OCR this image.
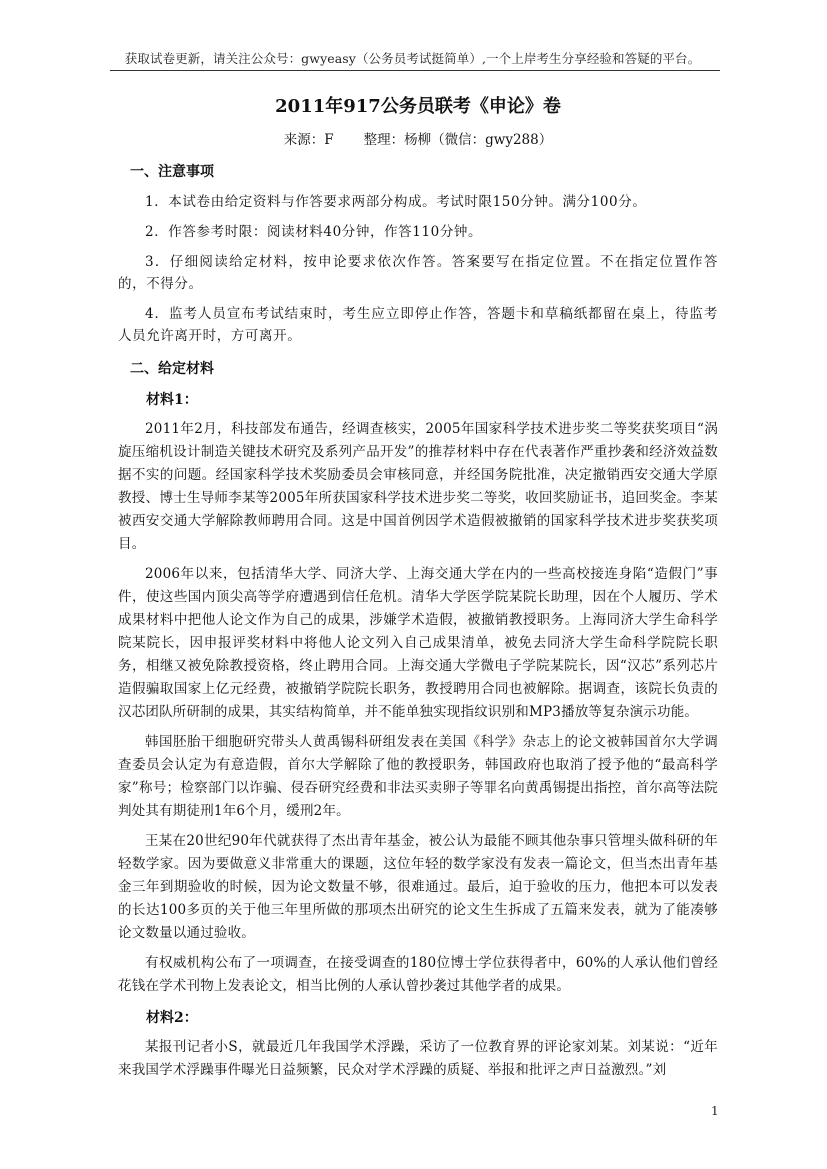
获取试卷更新，请关注公众号：gwyeasy（公务员考试挺简单）,一个上岸考生分享经验和答疑的平台。
2011年917公务员联考《申论》卷
来源：F 整理：杨柳（微信：gwy288）
一、注意事项
1．本试卷由给定资料与作答要求两部分构成。考试时限150分钟。满分100分。
2．作答参考时限：阅读材料40分钟，作答110分钟。
3．仔细阅读给定材料，按申论要求依次作答。答案要写在指定位置。不在指定位置作答的，不得分。
4．监考人员宣布考试结束时，考生应立即停止作答，答题卡和草稿纸都留在桌上，待监考人员允许离开时，方可离开。
二、给定材料
材料1：
2011年2月，科技部发布通告，经调查核实，2005年国家科学技术进步奖二等奖获奖项目“涡旋压缩机设计制造关键技术研究及系列产品开发”的推荐材料中存在代表著作严重抄袭和经济效益数据不实的问题。经国家科学技术奖励委员会审核同意，并经国务院批准，决定撤销西安交通大学原教授、博士生导师李某等2005年所获国家科学技术进步奖二等奖，收回奖励证书，追回奖金。李某被西安交通大学解除教师聘用合同。这是中国首例因学术造假被撤销的国家科学技术进步奖获奖项目。
2006年以来，包括清华大学、同济大学、上海交通大学在内的一些高校接连身陷“造假门”事件，使这些国内顶尖高等学府遭遇到信任危机。清华大学医学院某院长助理，因在个人履历、学术成果材料中把他人论文作为自己的成果，涉嫌学术造假，被撤销教授职务。上海同济大学生命科学院某院长，因申报评奖材料中将他人论文列入自己成果清单，被免去同济大学生命科学院院长职务，相继又被免除教授资格，终止聘用合同。上海交通大学微电子学院某院长，因“汉芯”系列芯片造假骗取国家上亿元经费，被撤销学院院长职务，教授聘用合同也被解除。据调查，该院长负责的汉芯团队所研制的成果，其实结构简单，并不能单独实现指纹识别和MP3播放等复杂演示功能。
韩国胚胎干细胞研究带头人黄禹锡科研组发表在美国《科学》杂志上的论文被韩国首尔大学调查委员会认定为有意造假，首尔大学解除了他的教授职务，韩国政府也取消了授予他的“最高科学家”称号；检察部门以诈骗、侵吞研究经费和非法买卖卵子等罪名向黄禹锡提出指控，首尔高等法院判处其有期徒刑1年6个月，缓刑2年。
王某在20世纪90年代就获得了杰出青年基金，被公认为最能不顾其他杂事只管埋头做科研的年轻数学家。因为要做意义非常重大的课题，这位年轻的数学家没有发表一篇论文，但当杰出青年基金三年到期验收的时候，因为论文数量不够，很难通过。最后，迫于验收的压力，他把本可以发表的长达100多页的关于他三年里所做的那项杰出研究的论文生生拆成了五篇来发表，就为了能凑够论文数量以通过验收。
有权威机构公布了一项调查，在接受调查的180位博士学位获得者中，60%的人承认他们曾经花钱在学术刊物上发表论文，相当比例的人承认曾抄袭过其他学者的成果。
材料2：
某报刊记者小S，就最近几年我国学术浮躁，采访了一位教育界的评论家刘某。刘某说：“近年来我国学术浮躁事件曝光日益频繁，民众对学术浮躁的质疑、举报和批评之声日益激烈。”刘
1
